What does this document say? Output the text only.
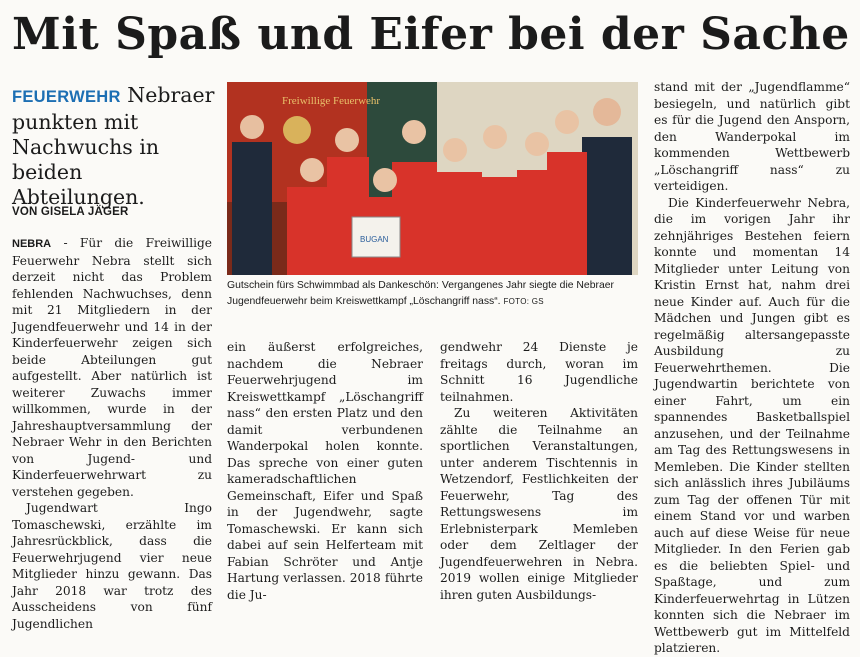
Mit Spaß und Eifer bei der Sache
FEUERWEHR Nebraer punkten mit Nachwuchs in beiden Abteilungen.
VON GISELA JÄGER

NEBRA - Für die Freiwillige Feuerwehr Nebra stellt sich derzeit nicht das Problem fehlenden Nachwuchses, denn mit 21 Mitgliedern in der Jugendfeuerwehr und 14 in der Kinderfeuerwehr zeigen sich beide Abteilungen gut aufgestellt. Aber natürlich ist weiterer Zuwachs immer willkommen, wurde in der Jahreshauptversammlung der Nebraer Wehr in den Berichten von Jugend- und Kinderfeuerwehrwart zu verstehen gegeben.

Jugendwart Ingo Tomaschewski, erzählte im Jahresrückblick, dass die Feuerwehrjugend vier neue Mitglieder hinzu gewann. Das Jahr 2018 war trotz des Ausscheidens von fünf Jugendlichen

Freiwillige Feuerwehr
BUGAN
Gutschein fürs Schwimmbad als Dankeschön: Vergangenes Jahr siegte die Nebraer Jugendfeuerwehr beim Kreiswettkampf „Löschangriff nass“. FOTO: GS

ein äußerst erfolgreiches, nachdem die Nebraer Feuerwehrjugend im Kreiswettkampf „Löschangriff nass“ den ersten Platz und den damit verbundenen Wanderpokal holen konnte. Das spreche von einer guten kameradschaftlichen Gemeinschaft, Eifer und Spaß in der Jugendwehr, sagte Tomaschewski. Er kann sich dabei auf sein Helferteam mit Fabian Schröter und Antje Hartung verlassen. 2018 führte die Ju-

gendwehr 24 Dienste je freitags durch, woran im Schnitt 16 Jugendliche teilnahmen.

Zu weiteren Aktivitäten zählte die Teilnahme an sportlichen Veranstaltungen, unter anderem Tischtennis in Wetzendorf, Festlichkeiten der Feuerwehr, Tag des Rettungswesens im Erlebnisterpark Memleben oder dem Zeltlager der Jugendfeuerwehren in Nebra. 2019 wollen einige Mitglieder ihren guten Ausbildungs-

stand mit der „Jugendflamme“ besiegeln, und natürlich gibt es für die Jugend den Ansporn, den Wanderpokal im kommenden Wettbewerb „Löschangriff nass“ zu verteidigen.

Die Kinderfeuerwehr Nebra, die im vorigen Jahr ihr zehnjähriges Bestehen feiern konnte und momentan 14 Mitglieder unter Leitung von Kristin Ernst hat, nahm drei neue Kinder auf. Auch für die Mädchen und Jungen gibt es regelmäßig altersangepasste Ausbildung zu Feuerwehrthemen. Die Jugendwartin berichtete von einer Fahrt, um ein spannendes Basketballspiel anzusehen, und der Teilnahme am Tag des Rettungswesens in Memleben. Die Kinder stellten sich anlässlich ihres Jubiläums zum Tag der offenen Tür mit einem Stand vor und warben auch auf diese Weise für neue Mitglieder. In den Ferien gab es die beliebten Spiel- und Spaßtage, und zum Kinderfeuerwehrtag in Lützen konnten sich die Nebraer im Wettbewerb gut im Mittelfeld platzieren.
